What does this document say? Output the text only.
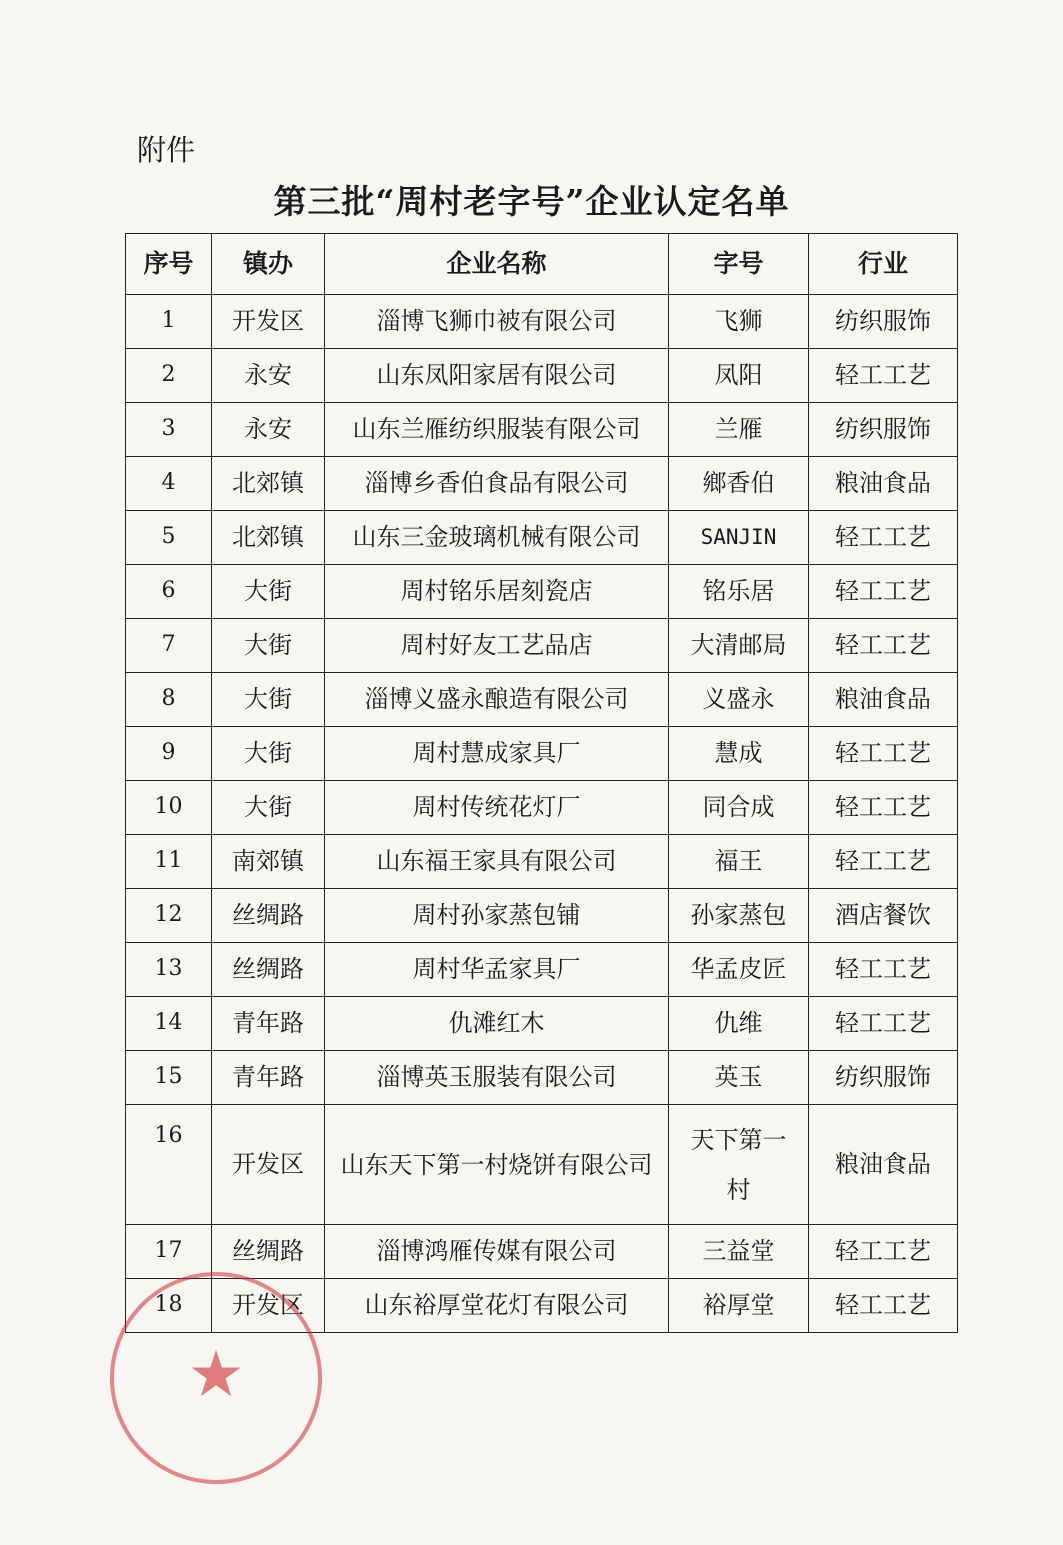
附件
第三批“周村老字号”企业认定名单
序号	镇办	企业名称	字号	行业
1	开发区	淄博飞狮巾被有限公司	飞狮	纺织服饰
2	永安	山东凤阳家居有限公司	凤阳	轻工工艺
3	永安	山东兰雁纺织服装有限公司	兰雁	纺织服饰
4	北郊镇	淄博乡香伯食品有限公司	鄉香伯	粮油食品
5	北郊镇	山东三金玻璃机械有限公司	SANJIN	轻工工艺
6	大街	周村铭乐居刻瓷店	铭乐居	轻工工艺
7	大街	周村好友工艺品店	大清邮局	轻工工艺
8	大街	淄博义盛永酿造有限公司	义盛永	粮油食品
9	大街	周村慧成家具厂	慧成	轻工工艺
10	大街	周村传统花灯厂	同合成	轻工工艺
11	南郊镇	山东福王家具有限公司	福王	轻工工艺
12	丝绸路	周村孙家蒸包铺	孙家蒸包	酒店餐饮
13	丝绸路	周村华孟家具厂	华孟皮匠	轻工工艺
14	青年路	仇滩红木	仇维	轻工工艺
15	青年路	淄博英玉服装有限公司	英玉	纺织服饰
16	开发区	山东天下第一村烧饼有限公司	天下第一村	粮油食品
17	丝绸路	淄博鸿雁传媒有限公司	三益堂	轻工工艺
18	开发区	山东裕厚堂花灯有限公司	裕厚堂	轻工工艺
★
